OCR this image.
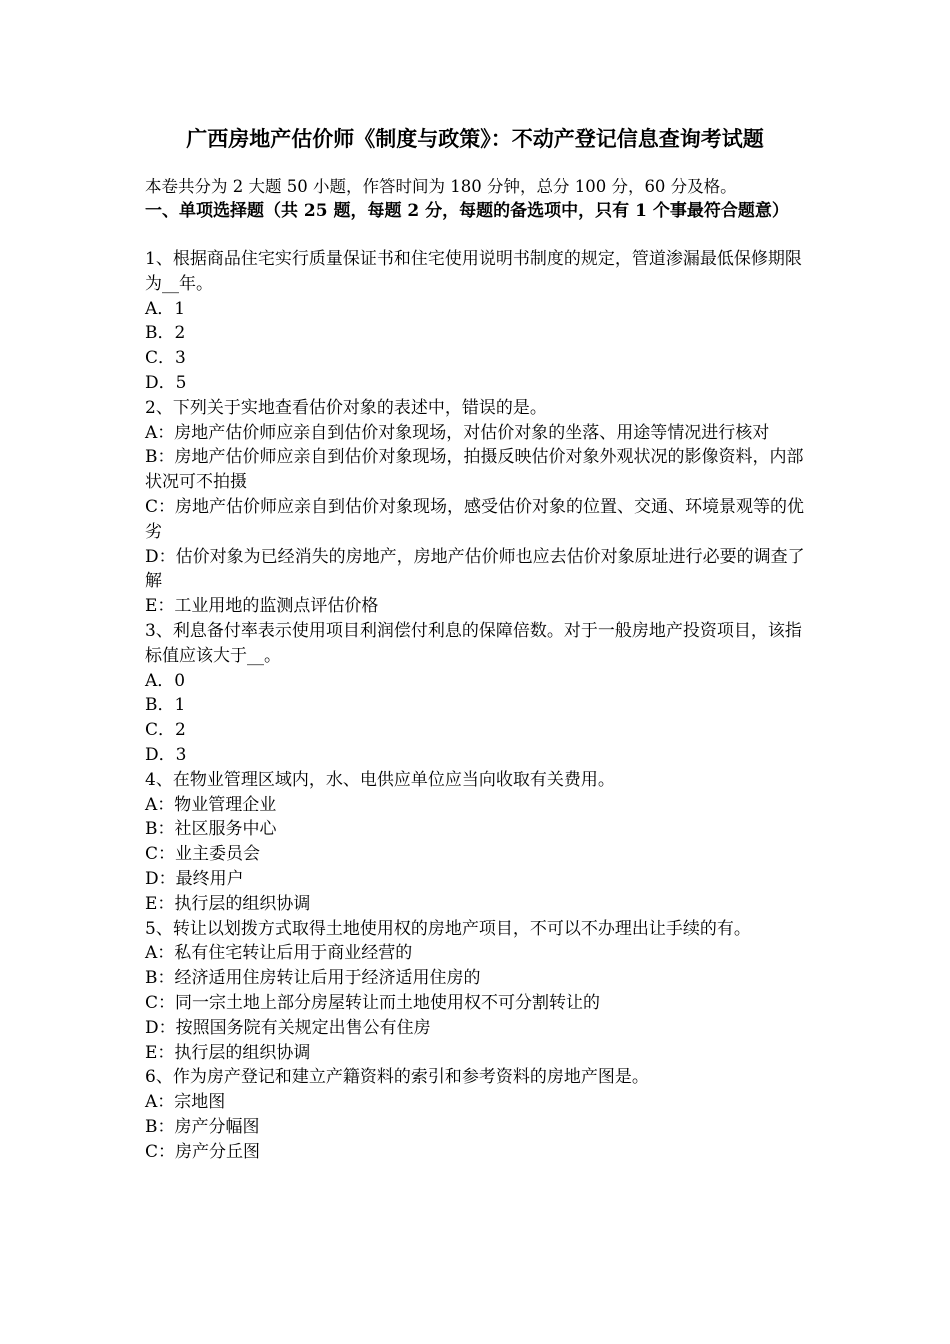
广西房地产估价师《制度与政策》：不动产登记信息查询考试题
本卷共分为 2 大题 50 小题，作答时间为 180 分钟，总分 100 分，60 分及格。
一、单项选择题（共 25 题，每题 2 分，每题的备选项中，只有 1 个事最符合题意）
1、根据商品住宅实行质量保证书和住宅使用说明书制度的规定，管道渗漏最低保修期限为__年。
A．1
B．2
C．3
D．5
2、下列关于实地查看估价对象的表述中，错误的是。
A：房地产估价师应亲自到估价对象现场，对估价对象的坐落、用途等情况进行核对
B：房地产估价师应亲自到估价对象现场，拍摄反映估价对象外观状况的影像资料，内部状况可不拍摄
C：房地产估价师应亲自到估价对象现场，感受估价对象的位置、交通、环境景观等的优劣
D：估价对象为已经消失的房地产，房地产估价师也应去估价对象原址进行必要的调查了解
E：工业用地的监测点评估价格
3、利息备付率表示使用项目利润偿付利息的保障倍数。对于一般房地产投资项目，该指标值应该大于__。
A．0
B．1
C．2
D．3
4、在物业管理区域内，水、电供应单位应当向收取有关费用。
A：物业管理企业
B：社区服务中心
C：业主委员会
D：最终用户
E：执行层的组织协调
5、转让以划拨方式取得土地使用权的房地产项目，不可以不办理出让手续的有。
A：私有住宅转让后用于商业经营的
B：经济适用住房转让后用于经济适用住房的
C：同一宗土地上部分房屋转让而土地使用权不可分割转让的
D：按照国务院有关规定出售公有住房
E：执行层的组织协调
6、作为房产登记和建立产籍资料的索引和参考资料的房地产图是。
A：宗地图
B：房产分幅图
C：房产分丘图
